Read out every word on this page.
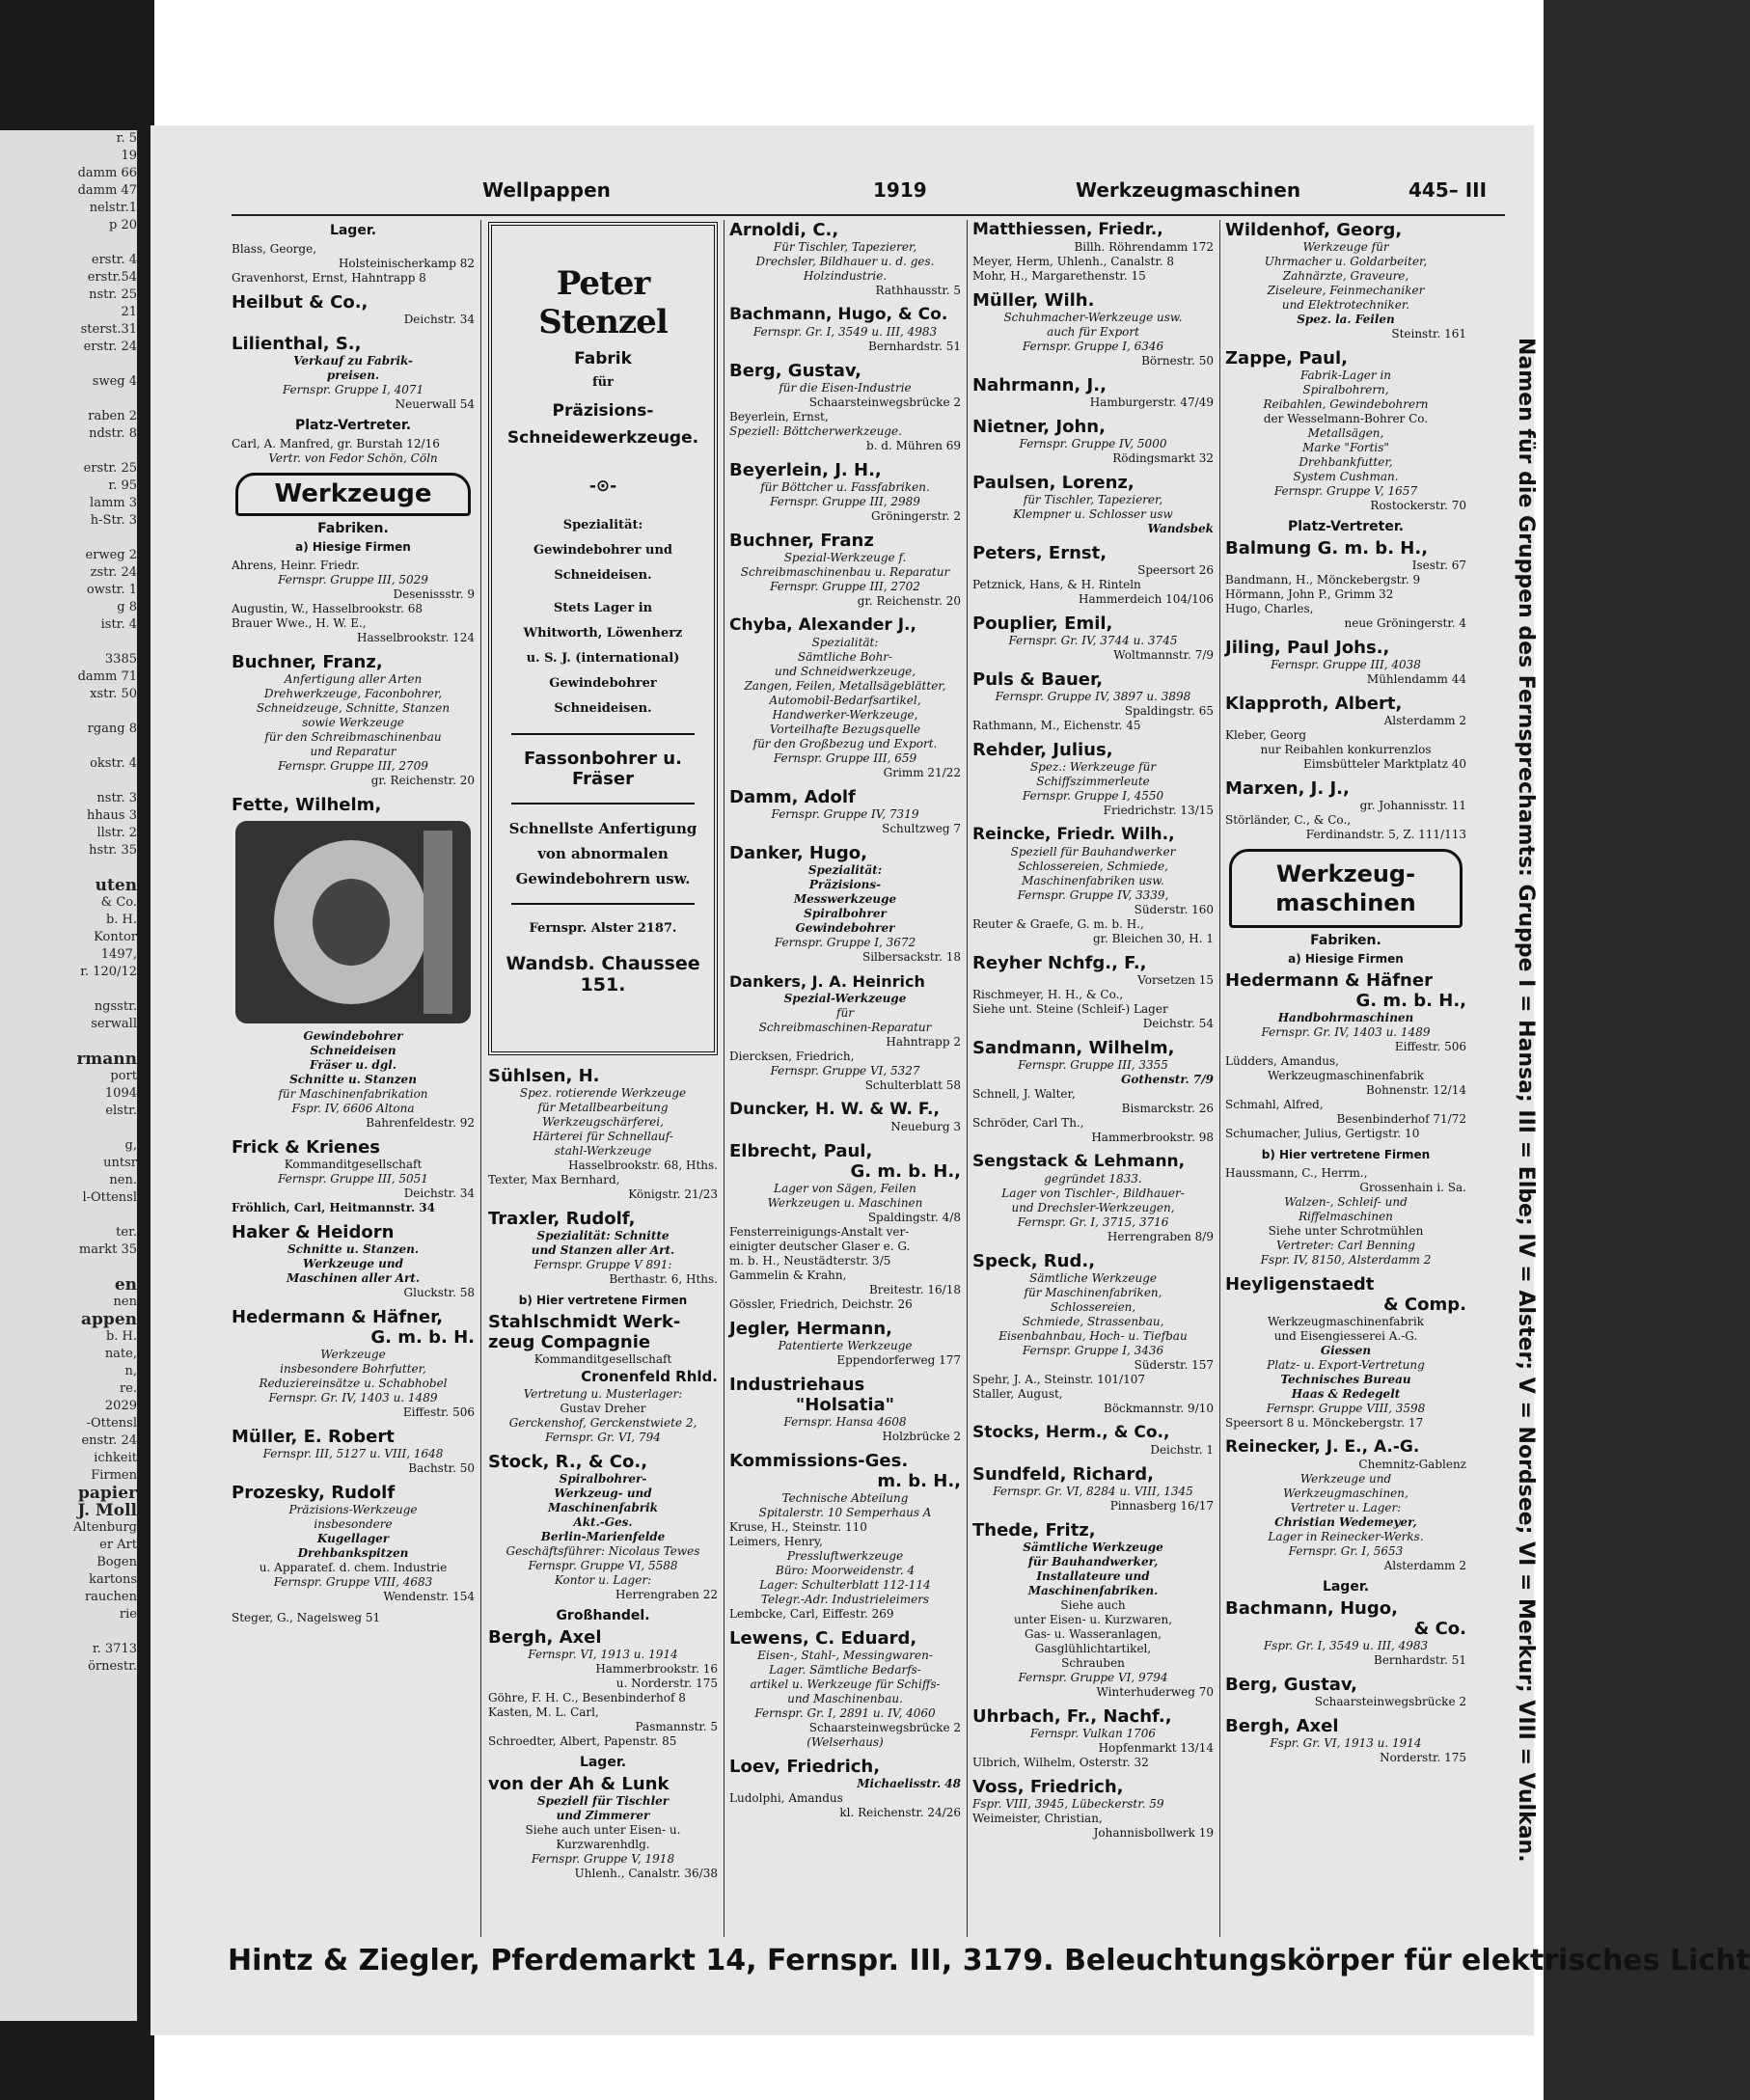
r. 5
19
damm 66
damm 47
nelstr.1
p 20

erstr. 4
erstr.54
nstr. 25
21
sterst.31
erstr. 24

sweg 4

raben 2
ndstr. 8

erstr. 25
r. 95
lamm 3
h-Str. 3

erweg 2
zstr. 24
owstr. 1
g 8
istr. 4

3385
damm 71
xstr. 50

rgang 8

okstr. 4

nstr. 3
hhaus 3
llstr. 2
hstr. 35

uten
& Co.
b. H.
Kontor
1497,
r. 120/12

ngsstr.
serwall

rmann
port
1094
elstr.

g,
untsr
nen.
l-Ottensl

ter.
markt 35

en
nen
appen
b. H.
nate,
n,
re.
2029
-Ottensl
enstr. 24
ichkeit
Firmen
papier
J. Moll
Altenburg
er Art
Bogen
kartons
rauchen
rie

r. 3713
örnestr.
Wellpappen	1919	Werkzeugmaschinen	445– III
Lager.
Blass, George,
Holsteinischerkamp 82
Gravenhorst, Ernst, Hahntrapp 8
Heilbut & Co.,
Deichstr. 34
Lilienthal, S.,
Verkauf zu Fabrik-
preisen.
Fernspr. Gruppe I, 4071
Neuerwall 54
Platz-Vertreter.
Carl, A. Manfred, gr. Burstah 12/16
Vertr. von Fedor Schön, Cöln
Werkzeuge
Fabriken.
a) Hiesige Firmen
Ahrens, Heinr. Friedr.
Fernspr. Gruppe III, 5029
Desenissstr. 9
Augustin, W., Hasselbrookstr. 68
Brauer Wwe., H. W. E.,
Hasselbrookstr. 124
Buchner, Franz,
Anfertigung aller Arten
Drehwerkzeuge, Faconbohrer,
Schneidzeuge, Schnitte, Stanzen
sowie Werkzeuge
für den Schreibmaschinenbau
und Reparatur
Fernspr. Gruppe III, 2709
gr. Reichenstr. 20
Fette, Wilhelm,
Gewindebohrer
Schneideisen
Fräser u. dgl.
Schnitte u. Stanzen
für Maschinenfabrikation
Fspr. IV, 6606 Altona
Bahrenfeldestr. 92
Frick & Krienes
Kommanditgesellschaft
Fernspr. Gruppe III, 5051
Deichstr. 34
Fröhlich, Carl, Heitmannstr. 34
Haker & Heidorn
Schnitte u. Stanzen.
Werkzeuge und
Maschinen aller Art.
Gluckstr. 58
Hedermann & Häfner,
G. m. b. H.
Werkzeuge
insbesondere Bohrfutter,
Reduziereinsätze u. Schabhobel
Fernspr. Gr. IV, 1403 u. 1489
Eiffestr. 506
Müller, E. Robert
Fernspr. III, 5127 u. VIII, 1648
Bachstr. 50
Prozesky, Rudolf
Präzisions-Werkzeuge
insbesondere
Kugellager
Drehbankspitzen
u. Apparatef. d. chem. Industrie
Fernspr. Gruppe VIII, 4683
Wendenstr. 154
Steger, G., Nagelsweg 51
Peter Stenzel
Fabrik
für
Präzisions-
Schneidewerkzeuge.
-⊙-
Spezialität:
Gewindebohrer und
Schneideisen.
Stets Lager in
Whitworth, Löwenherz
u. S. J. (international)
Gewindebohrer
Schneideisen.
Fassonbohrer u. Fräser
Schnellste Anfertigung
von abnormalen
Gewindebohrern usw.
Fernspr. Alster 2187.
Wandsb. Chaussee 151.
Sühlsen, H.
Spez. rotierende Werkzeuge
für Metallbearbeitung
Werkzeugschärferei,
Härterei für Schnellauf-
stahl-Werkzeuge
Hasselbrookstr. 68, Hths.
Texter, Max Bernhard,
Königstr. 21/23
Traxler, Rudolf,
Spezialität: Schnitte
und Stanzen aller Art.
Fernspr. Gruppe V 891:
Berthastr. 6, Hths.
b) Hier vertretene Firmen
Stahlschmidt Werk-
zeug Compagnie
Kommanditgesellschaft
Cronenfeld Rhld.
Vertretung u. Musterlager:
Gustav Dreher
Gerckenshof, Gerckenstwiete 2,
Fernspr. Gr. VI, 794
Stock, R., & Co.,
Spiralbohrer-
Werkzeug- und
Maschinenfabrik
Akt.-Ges.
Berlin-Marienfelde
Geschäftsführer: Nicolaus Tewes
Fernspr. Gruppe VI, 5588
Kontor u. Lager:
Herrengraben 22
Großhandel.
Bergh, Axel
Fernspr. VI, 1913 u. 1914
Hammerbrookstr. 16
u. Norderstr. 175
Göhre, F. H. C., Besenbinderhof 8
Kasten, M. L. Carl,
Pasmannstr. 5
Schroedter, Albert, Papenstr. 85
Lager.
von der Ah & Lunk
Speziell für Tischler
und Zimmerer
Siehe auch unter Eisen- u.
Kurzwarenhdlg.
Fernspr. Gruppe V, 1918
Uhlenh., Canalstr. 36/38
Arnoldi, C.,
Für Tischler, Tapezierer,
Drechsler, Bildhauer u. d. ges.
Holzindustrie.
Rathhausstr. 5
Bachmann, Hugo, & Co.
Fernspr. Gr. I, 3549 u. III, 4983
Bernhardstr. 51
Berg, Gustav,
für die Eisen-Industrie
Schaarsteinwegsbrücke 2
Beyerlein, Ernst,
Speziell: Böttcherwerkzeuge.
b. d. Mühren 69
Beyerlein, J. H.,
für Böttcher u. Fassfabriken.
Fernspr. Gruppe III, 2989
Gröningerstr. 2
Buchner, Franz
Spezial-Werkzeuge f.
Schreibmaschinenbau u. Reparatur
Fernspr. Gruppe III, 2702
gr. Reichenstr. 20
Chyba, Alexander J.,
Spezialität:
Sämtliche Bohr-
und Schneidwerkzeuge,
Zangen, Feilen, Metallsägeblätter,
Automobil-Bedarfsartikel,
Handwerker-Werkzeuge,
Vorteilhafte Bezugsquelle
für den Großbezug und Export.
Fernspr. Gruppe III, 659
Grimm 21/22
Damm, Adolf
Fernspr. Gruppe IV, 7319
Schultzweg 7
Danker, Hugo,
Spezialität:
Präzisions-
Messwerkzeuge
Spiralbohrer
Gewindebohrer
Fernspr. Gruppe I, 3672
Silbersackstr. 18
Dankers, J. A. Heinrich
Spezial-Werkzeuge
für
Schreibmaschinen-Reparatur
Hahntrapp 2
Diercksen, Friedrich,
Fernspr. Gruppe VI, 5327
Schulterblatt 58
Duncker, H. W. & W. F.,
Neueburg 3
Elbrecht, Paul,
G. m. b. H.,
Lager von Sägen, Feilen
Werkzeugen u. Maschinen
Spaldingstr. 4/8
Fensterreinigungs-Anstalt ver-
einigter deutscher Glaser e. G.
m. b. H., Neustädterstr. 3/5
Gammelin & Krahn,
Breitestr. 16/18
Gössler, Friedrich, Deichstr. 26
Jegler, Hermann,
Patentierte Werkzeuge
Eppendorferweg 177
Industriehaus
"Holsatia"
Fernspr. Hansa 4608
Holzbrücke 2
Kommissions-Ges.
m. b. H.,
Technische Abteilung
Spitalerstr. 10 Semperhaus A
Kruse, H., Steinstr. 110
Leimers, Henry,
Pressluftwerkzeuge
Büro: Moorweidenstr. 4
Lager: Schulterblatt 112-114
Telegr.-Adr. Industrieleimers
Lembcke, Carl, Eiffestr. 269
Lewens, C. Eduard,
Eisen-, Stahl-, Messingwaren-
Lager. Sämtliche Bedarfs-
artikel u. Werkzeuge für Schiffs-
und Maschinenbau.
Fernspr. Gr. I, 2891 u. IV, 4060
Schaarsteinwegsbrücke 2
(Welserhaus)
Loev, Friedrich,
Michaelisstr. 48
Ludolphi, Amandus
kl. Reichenstr. 24/26
Matthiessen, Friedr.,
Billh. Röhrendamm 172
Meyer, Herm, Uhlenh., Canalstr. 8
Mohr, H., Margarethenstr. 15
Müller, Wilh.
Schuhmacher-Werkzeuge usw.
auch für Export
Fernspr. Gruppe I, 6346
Börnestr. 50
Nahrmann, J.,
Hamburgerstr. 47/49
Nietner, John,
Fernspr. Gruppe IV, 5000
Rödingsmarkt 32
Paulsen, Lorenz,
für Tischler, Tapezierer,
Klempner u. Schlosser usw
Wandsbek
Peters, Ernst,
Speersort 26
Petznick, Hans, & H. Rinteln
Hammerdeich 104/106
Pouplier, Emil,
Fernspr. Gr. IV, 3744 u. 3745
Woltmannstr. 7/9
Puls & Bauer,
Fernspr. Gruppe IV, 3897 u. 3898
Spaldingstr. 65
Rathmann, M., Eichenstr. 45
Rehder, Julius,
Spez.: Werkzeuge für
Schiffszimmerleute
Fernspr. Gruppe I, 4550
Friedrichstr. 13/15
Reincke, Friedr. Wilh.,
Speziell für Bauhandwerker
Schlossereien, Schmiede,
Maschinenfabriken usw.
Fernspr. Gruppe IV, 3339,
Süderstr. 160
Reuter & Graefe, G. m. b. H.,
gr. Bleichen 30, H. 1
Reyher Nchfg., F.,
Vorsetzen 15
Rischmeyer, H. H., & Co.,
Siehe unt. Steine (Schleif-) Lager
Deichstr. 54
Sandmann, Wilhelm,
Fernspr. Gruppe III, 3355
Gothenstr. 7/9
Schnell, J. Walter,
Bismarckstr. 26
Schröder, Carl Th.,
Hammerbrookstr. 98
Sengstack & Lehmann,
gegründet 1833.
Lager von Tischler-, Bildhauer-
und Drechsler-Werkzeugen,
Fernspr. Gr. I, 3715, 3716
Herrengraben 8/9
Speck, Rud.,
Sämtliche Werkzeuge
für Maschinenfabriken,
Schlossereien,
Schmiede, Strassenbau,
Eisenbahnbau, Hoch- u. Tiefbau
Fernspr. Gruppe I, 3436
Süderstr. 157
Spehr, J. A., Steinstr. 101/107
Staller, August,
Böckmannstr. 9/10
Stocks, Herm., & Co.,
Deichstr. 1
Sundfeld, Richard,
Fernspr. Gr. VI, 8284 u. VIII, 1345
Pinnasberg 16/17
Thede, Fritz,
Sämtliche Werkzeuge
für Bauhandwerker,
Installateure und
Maschinenfabriken.
Siehe auch
unter Eisen- u. Kurzwaren,
Gas- u. Wasseranlagen,
Gasglühlichtartikel,
Schrauben
Fernspr. Gruppe VI, 9794
Winterhuderweg 70
Uhrbach, Fr., Nachf.,
Fernspr. Vulkan 1706
Hopfenmarkt 13/14
Ulbrich, Wilhelm, Osterstr. 32
Voss, Friedrich,
Fspr. VIII, 3945, Lübeckerstr. 59
Weimeister, Christian,
Johannisbollwerk 19
Wildenhof, Georg,
Werkzeuge für
Uhrmacher u. Goldarbeiter,
Zahnärzte, Graveure,
Ziseleure, Feinmechaniker
und Elektrotechniker.
Spez. la. Feilen
Steinstr. 161
Zappe, Paul,
Fabrik-Lager in
Spiralbohrern,
Reibahlen, Gewindebohrern
der Wesselmann-Bohrer Co.
Metallsägen,
Marke "Fortis"
Drehbankfutter,
System Cushman.
Fernspr. Gruppe V, 1657
Rostockerstr. 70
Platz-Vertreter.
Balmung G. m. b. H.,
Isestr. 67
Bandmann, H., Mönckebergstr. 9
Hörmann, John P., Grimm 32
Hugo, Charles,
neue Gröningerstr. 4
Jiling, Paul Johs.,
Fernspr. Gruppe III, 4038
Mühlendamm 44
Klapproth, Albert,
Alsterdamm 2
Kleber, Georg
nur Reibahlen konkurrenzlos
Eimsbütteler Marktplatz 40
Marxen, J. J.,
gr. Johannisstr. 11
Störländer, C., & Co.,
Ferdinandstr. 5, Z. 111/113
Werkzeug-
maschinen
Fabriken.
a) Hiesige Firmen
Hedermann & Häfner
G. m. b. H.,
Handbohrmaschinen
Fernspr. Gr. IV, 1403 u. 1489
Eiffestr. 506
Lüdders, Amandus,
Werkzeugmaschinenfabrik
Bohnenstr. 12/14
Schmahl, Alfred,
Besenbinderhof 71/72
Schumacher, Julius, Gertigstr. 10
b) Hier vertretene Firmen
Haussmann, C., Herrm.,
Grossenhain i. Sa.
Walzen-, Schleif- und
Riffelmaschinen
Siehe unter Schrotmühlen
Vertreter: Carl Benning
Fspr. IV, 8150, Alsterdamm 2
Heyligenstaedt
& Comp.
Werkzeugmaschinenfabrik
und Eisengiesserei A.-G.
Giessen
Platz- u. Export-Vertretung
Technisches Bureau
Haas & Redegelt
Fernspr. Gruppe VIII, 3598
Speersort 8 u. Mönckebergstr. 17
Reinecker, J. E., A.-G.
Chemnitz-Gablenz
Werkzeuge und
Werkzeugmaschinen,
Vertreter u. Lager:
Christian Wedemeyer,
Lager in Reinecker-Werks.
Fernspr. Gr. I, 5653
Alsterdamm 2
Lager.
Bachmann, Hugo,
& Co.
Fspr. Gr. I, 3549 u. III, 4983
Bernhardstr. 51
Berg, Gustav,
Schaarsteinwegsbrücke 2
Bergh, Axel
Fspr. Gr. VI, 1913 u. 1914
Norderstr. 175	Namen für die Gruppen des Fernsprechamts: Gruppe I = Hansa; III = Elbe; IV = Alster; V = Nordsee; VI = Merkur; VIII = Vulkan.
Hintz & Ziegler, Pferdemarkt 14, Fernspr. III, 3179. Beleuchtungskörper für elektrisches Licht
